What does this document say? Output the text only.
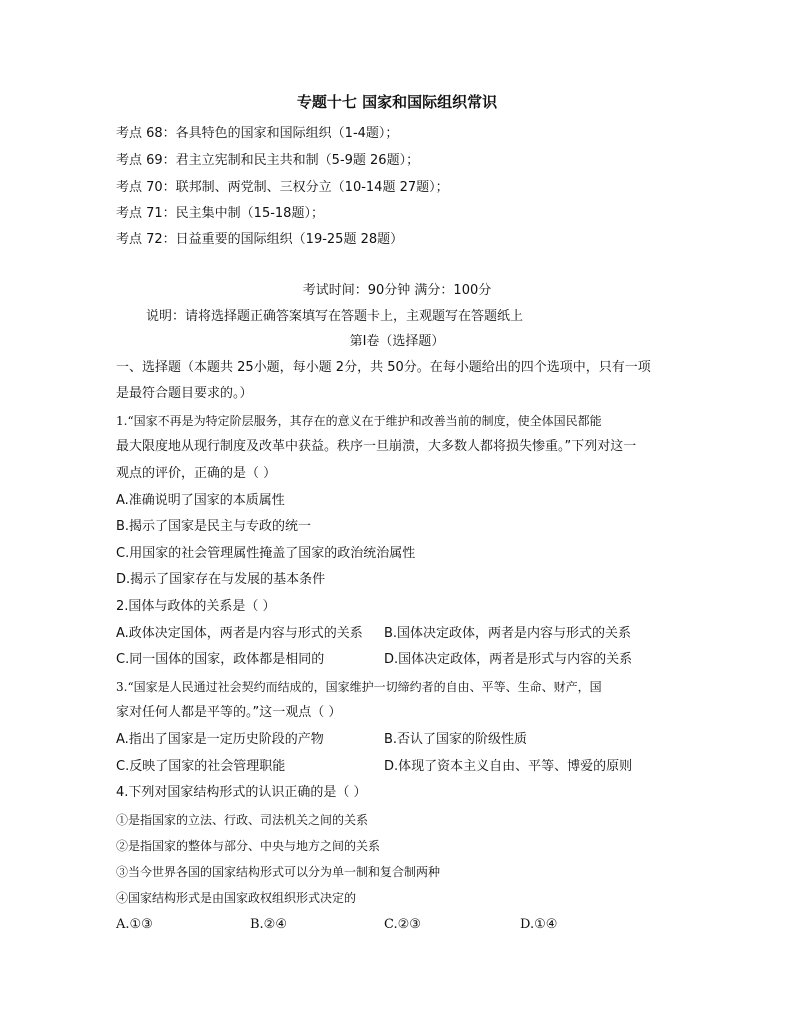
专题十七 国家和国际组织常识
考点 68：各具特色的国家和国际组织（1-4题）；
考点 69：君主立宪制和民主共和制（5-9题 26题）；
考点 70：联邦制、两党制、三权分立（10-14题 27题）；
考点 71：民主集中制（15-18题）；
考点 72：日益重要的国际组织（19-25题 28题）
考试时间：90分钟 满分：100分
说明：请将选择题正确答案填写在答题卡上，主观题写在答题纸上
第Ⅰ卷（选择题）
一、选择题（本题共 25小题，每小题 2分，共 50分。在每小题给出的四个选项中，只有一项
是最符合题目要求的。）
1.“国家不再是为特定阶层服务，其存在的意义在于维护和改善当前的制度，使全体国民都能
最大限度地从现行制度及改革中获益。秩序一旦崩溃，大多数人都将损失惨重。”下列对这一
观点的评价，正确的是（ ）
A.准确说明了国家的本质属性
B.揭示了国家是民主与专政的统一
C.用国家的社会管理属性掩盖了国家的政治统治属性
D.揭示了国家存在与发展的基本条件
2.国体与政体的关系是（ ）
A.政体决定国体，两者是内容与形式的关系 B.国体决定政体，两者是内容与形式的关系
C.同一国体的国家，政体都是相同的	D.国体决定政体，两者是形式与内容的关系
3.“国家是人民通过社会契约而结成的，国家维护一切缔约者的自由、平等、生命、财产，国
家对任何人都是平等的。”这一观点（ ）
A.指出了国家是一定历史阶段的产物	B.否认了国家的阶级性质
C.反映了国家的社会管理职能	D.体现了资本主义自由、平等、博爱的原则
4.下列对国家结构形式的认识正确的是（ ）
①是指国家的立法、行政、司法机关之间的关系
②是指国家的整体与部分、中央与地方之间的关系
③当今世界各国的国家结构形式可以分为单一制和复合制两种
④国家结构形式是由国家政权组织形式决定的
A.①③	B.②④	C.②③	D.①④
